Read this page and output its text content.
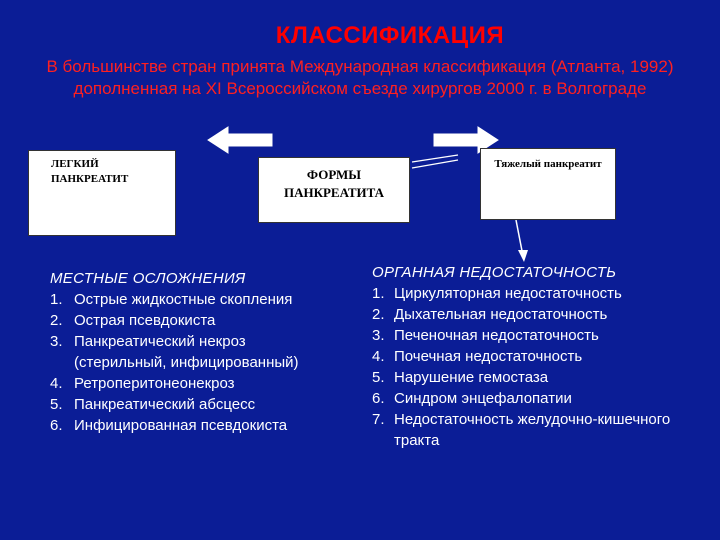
КЛАССИФИКАЦИЯ
В большинстве стран принята Международная классификация (Атланта, 1992) дополненная на XI Всероссийском съезде хирургов 2000 г. в Волгограде
ЛЕГКИЙ ПАНКРЕАТИТ	ФОРМЫ ПАНКРЕАТИТА
Тяжелый панкреатит
МЕСТНЫЕ ОСЛОЖНЕНИЯ
1. Острые жидкостные скопления
2. Острая псевдокиста
3. Панкреатический некроз (стерильный, инфицированный)
4. Ретроперитонеонекроз
5. Панкреатический абсцесс
6. Инфицированная псевдокиста
ОРГАННАЯ НЕДОСТАТОЧНОСТЬ
1. Циркуляторная недостаточность
2. Дыхательная недостаточность
3. Печеночная недостаточность
4. Почечная недостаточность
5. Нарушение гемостаза
6. Синдром энцефалопатии
7. Недостаточность желудочно-кишечного тракта
